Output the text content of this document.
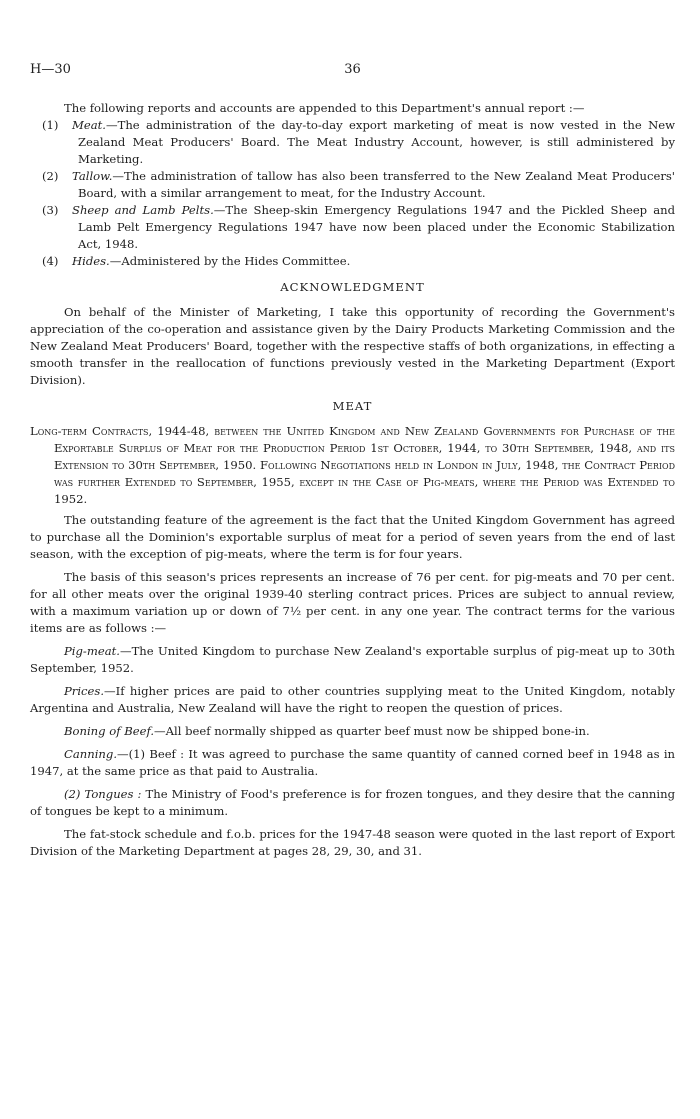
H—30	36

The following reports and accounts are appended to this Department's annual report :—

(1) Meat.—The administration of the day-to-day export marketing of meat is now vested in the New Zealand Meat Producers' Board. The Meat Industry Account, however, is still administered by Marketing.
(2) Tallow.—The administration of tallow has also been transferred to the New Zealand Meat Producers' Board, with a similar arrangement to meat, for the Industry Account.
(3) Sheep and Lamb Pelts.—The Sheep-skin Emergency Regulations 1947 and the Pickled Sheep and Lamb Pelt Emergency Regulations 1947 have now been placed under the Economic Stabilization Act, 1948.
(4) Hides.—Administered by the Hides Committee.
ACKNOWLEDGMENT

On behalf of the Minister of Marketing, I take this opportunity of recording the Government's appreciation of the co-operation and assistance given by the Dairy Products Marketing Commission and the New Zealand Meat Producers' Board, together with the respective staffs of both organizations, in effecting a smooth transfer in the reallocation of functions previously vested in the Marketing Department (Export Division).

MEAT

Long-term Contracts, 1944-48, between the United Kingdom and New Zealand Governments for Purchase of the Exportable Surplus of Meat for the Production Period 1st October, 1944, to 30th September, 1948, and its Extension to 30th September, 1950. Following Negotiations held in London in July, 1948, the Contract Period was further Extended to September, 1955, except in the Case of Pig-meats, where the Period was Extended to 1952.

The outstanding feature of the agreement is the fact that the United Kingdom Government has agreed to purchase all the Dominion's exportable surplus of meat for a period of seven years from the end of last season, with the exception of pig-meats, where the term is for four years.

The basis of this season's prices represents an increase of 76 per cent. for pig-meats and 70 per cent. for all other meats over the original 1939-40 sterling contract prices. Prices are subject to annual review, with a maximum variation up or down of 7½ per cent. in any one year. The contract terms for the various items are as follows :—

Pig-meat.—The United Kingdom to purchase New Zealand's exportable surplus of pig-meat up to 30th September, 1952.

Prices.—If higher prices are paid to other countries supplying meat to the United Kingdom, notably Argentina and Australia, New Zealand will have the right to reopen the question of prices.

Boning of Beef.—All beef normally shipped as quarter beef must now be shipped bone-in.

Canning.—(1) Beef : It was agreed to purchase the same quantity of canned corned beef in 1948 as in 1947, at the same price as that paid to Australia.

(2) Tongues : The Ministry of Food's preference is for frozen tongues, and they desire that the canning of tongues be kept to a minimum.

The fat-stock schedule and f.o.b. prices for the 1947-48 season were quoted in the last report of Export Division of the Marketing Department at pages 28, 29, 30, and 31.
